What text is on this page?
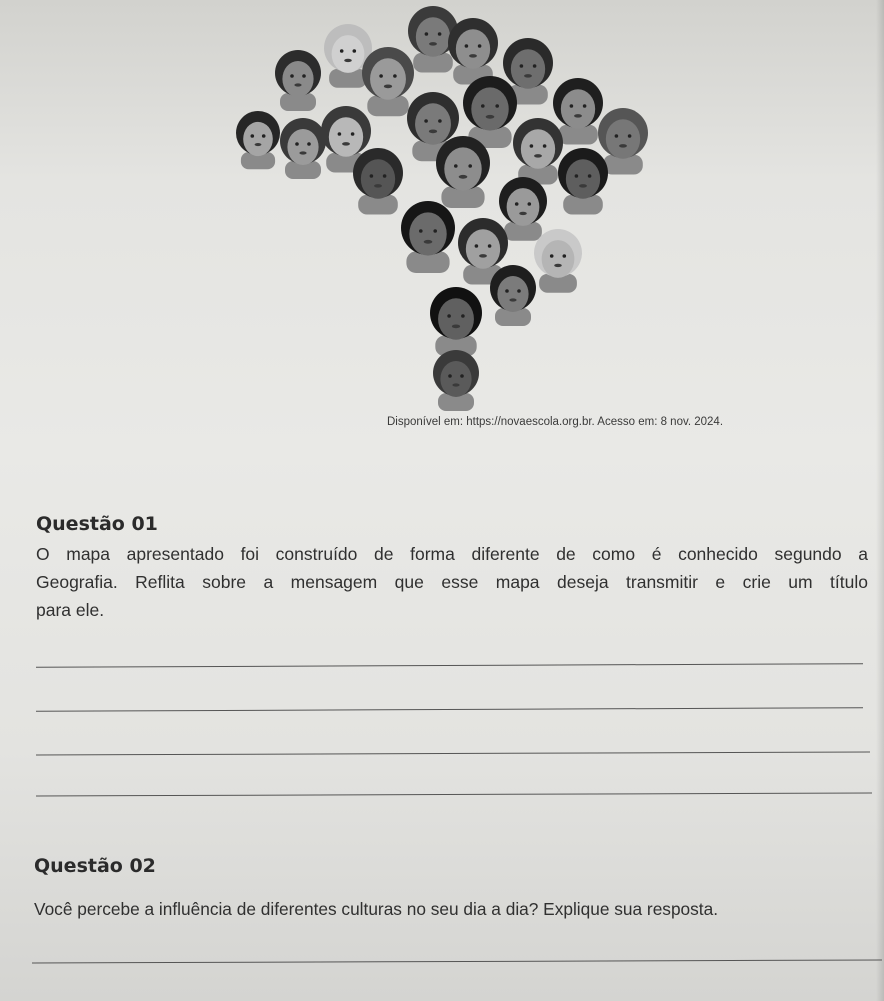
Disponível em: https://novaescola.org.br. Acesso em: 8 nov. 2024.
Questão 01
O mapa apresentado foi construído de forma diferente de como é conhecido segundo a
Geografia. Reflita sobre a mensagem que esse mapa deseja transmitir e crie um título
para ele.
Questão 02
Você percebe a influência de diferentes culturas no seu dia a dia? Explique sua resposta.
